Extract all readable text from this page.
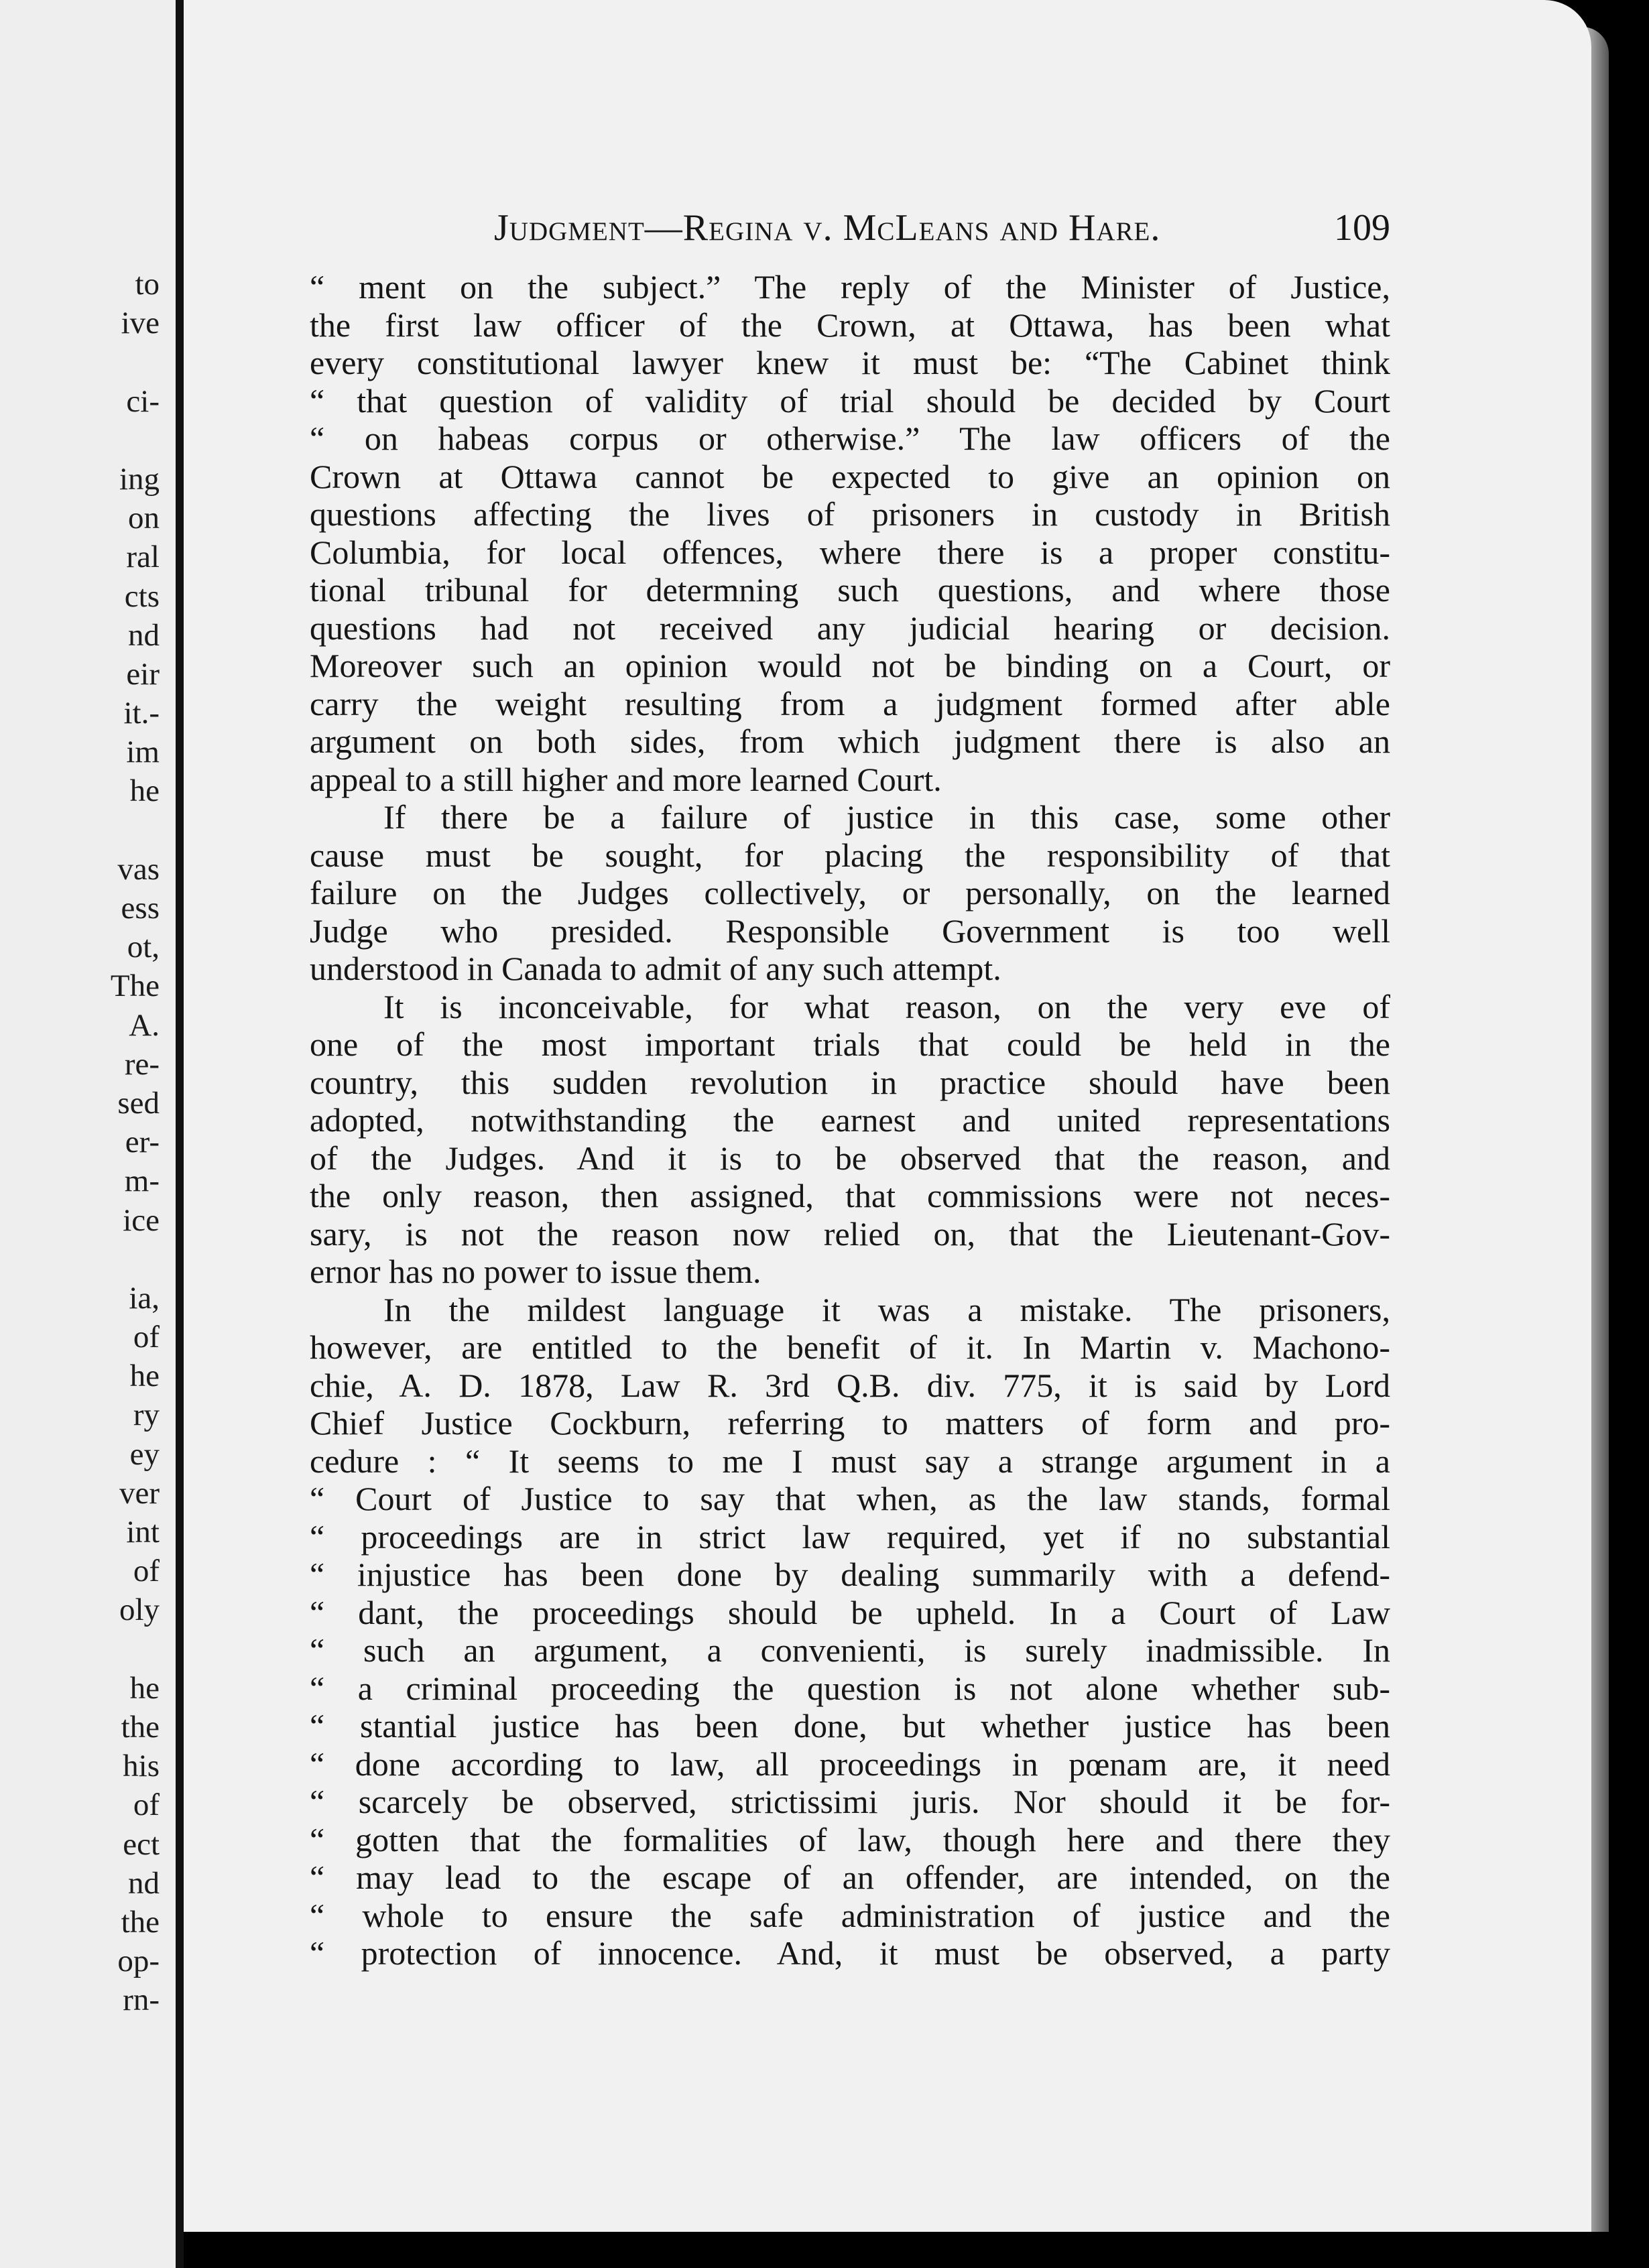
to
ive
ci-
ing
on
ral
cts
nd
eir
it.-
im
he
vas
ess
ot,
The
A.
re-
sed
er-
m-
ice
ia,
of
he
ry
ey
ver
int
of
oly
he
the
his
of
ect
nd
the
op-
rn-
Judgment—Regina v. McLeans and Hare.	109
“ ment on the subject.” The reply of the Minister of Justice,
the first law officer of the Crown, at Ottawa, has been what
every constitutional lawyer knew it must be: “The Cabinet think
“ that question of validity of trial should be decided by Court
“ on habeas corpus or otherwise.” The law officers of the
Crown at Ottawa cannot be expected to give an opinion on
questions affecting the lives of prisoners in custody in British
Columbia, for local offences, where there is a proper constitu-
tional tribunal for determning such questions, and where those
questions had not received any judicial hearing or decision.
Moreover such an opinion would not be binding on a Court, or
carry the weight resulting from a judgment formed after able
argument on both sides, from which judgment there is also an
appeal to a still higher and more learned Court.
If there be a failure of justice in this case, some other
cause must be sought, for placing the responsibility of that
failure on the Judges collectively, or personally, on the learned
Judge who presided. Responsible Government is too well
understood in Canada to admit of any such attempt.
It is inconceivable, for what reason, on the very eve of
one of the most important trials that could be held in the
country, this sudden revolution in practice should have been
adopted, notwithstanding the earnest and united representations
of the Judges. And it is to be observed that the reason, and
the only reason, then assigned, that commissions were not neces-
sary, is not the reason now relied on, that the Lieutenant-Gov-
ernor has no power to issue them.
In the mildest language it was a mistake. The prisoners,
however, are entitled to the benefit of it. In Martin v. Machono-
chie, A. D. 1878, Law R. 3rd Q.B. div. 775, it is said by Lord
Chief Justice Cockburn, referring to matters of form and pro-
cedure : “ It seems to me I must say a strange argument in a
“ Court of Justice to say that when, as the law stands, formal
“ proceedings are in strict law required, yet if no substantial
“ injustice has been done by dealing summarily with a defend-
“ dant, the proceedings should be upheld. In a Court of Law
“ such an argument, a convenienti, is surely inadmissible. In
“ a criminal proceeding the question is not alone whether sub-
“ stantial justice has been done, but whether justice has been
“ done according to law, all proceedings in pœnam are, it need
“ scarcely be observed, strictissimi juris. Nor should it be for-
“ gotten that the formalities of law, though here and there they
“ may lead to the escape of an offender, are intended, on the
“ whole to ensure the safe administration of justice and the
“ protection of innocence. And, it must be observed, a party
